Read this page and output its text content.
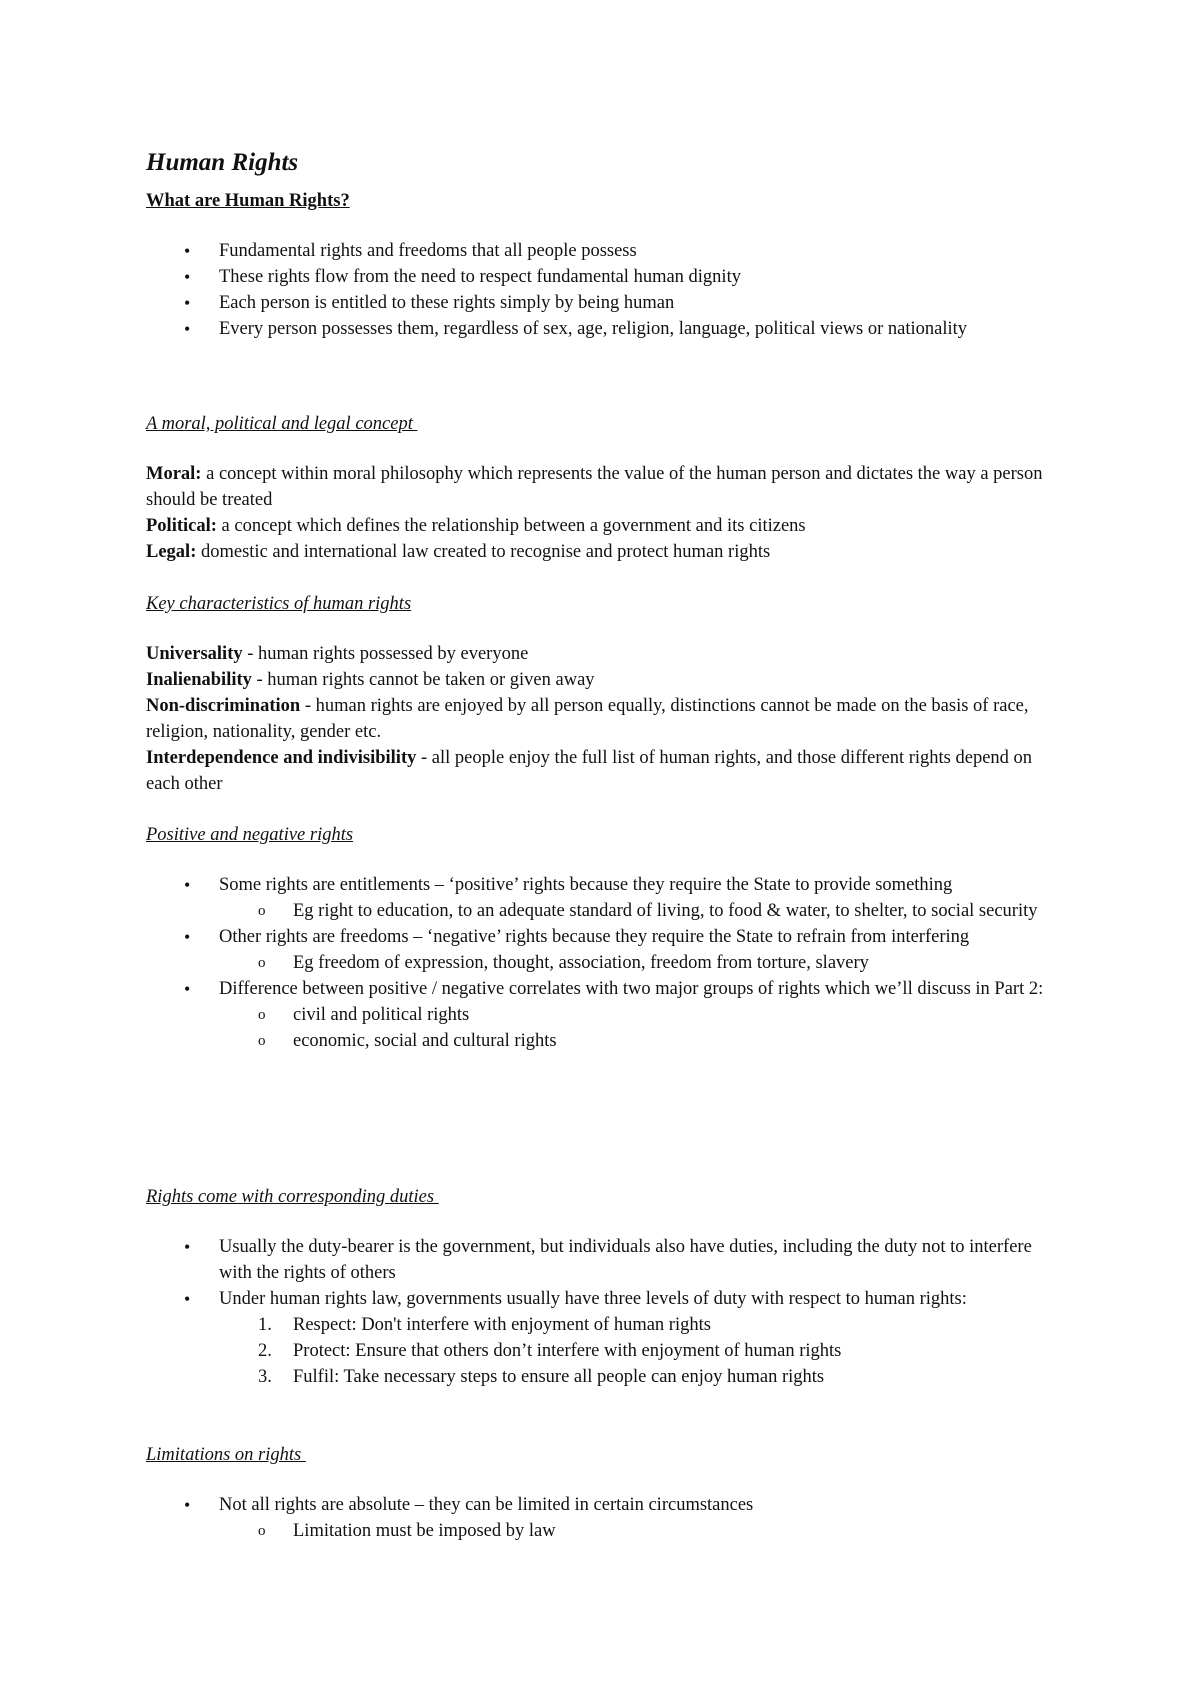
Human Rights

What are Human Rights?

• Fundamental rights and freedoms that all people possess
• These rights flow from the need to respect fundamental human dignity
• Each person is entitled to these rights simply by being human
• Every person possesses them, regardless of sex, age, religion, language, political views or nationality

A moral, political and legal concept

Moral: a concept within moral philosophy which represents the value of the human person and dictates the way a person should be treated

Political: a concept which defines the relationship between a government and its citizens

Legal: domestic and international law created to recognise and protect human rights

Key characteristics of human rights

Universality - human rights possessed by everyone

Inalienability - human rights cannot be taken or given away

Non-discrimination - human rights are enjoyed by all person equally, distinctions cannot be made on the basis of race, religion, nationality, gender etc.

Interdependence and indivisibility - all people enjoy the full list of human rights, and those different rights depend on each other

Positive and negative rights

• Some rights are entitlements – ‘positive’ rights because they require the State to provide something
o Eg right to education, to an adequate standard of living, to food & water, to shelter, to social security
• Other rights are freedoms – ‘negative’ rights because they require the State to refrain from interfering
o Eg freedom of expression, thought, association, freedom from torture, slavery
• Difference between positive / negative correlates with two major groups of rights which we’ll discuss in Part 2:
o civil and political rights
o economic, social and cultural rights

Rights come with corresponding duties

• Usually the duty-bearer is the government, but individuals also have duties, including the duty not to interfere with the rights of others
• Under human rights law, governments usually have three levels of duty with respect to human rights:
1. Respect: Don't interfere with enjoyment of human rights
2. Protect: Ensure that others don’t interfere with enjoyment of human rights
3. Fulfil: Take necessary steps to ensure all people can enjoy human rights

Limitations on rights

• Not all rights are absolute – they can be limited in certain circumstances
o Limitation must be imposed by law
